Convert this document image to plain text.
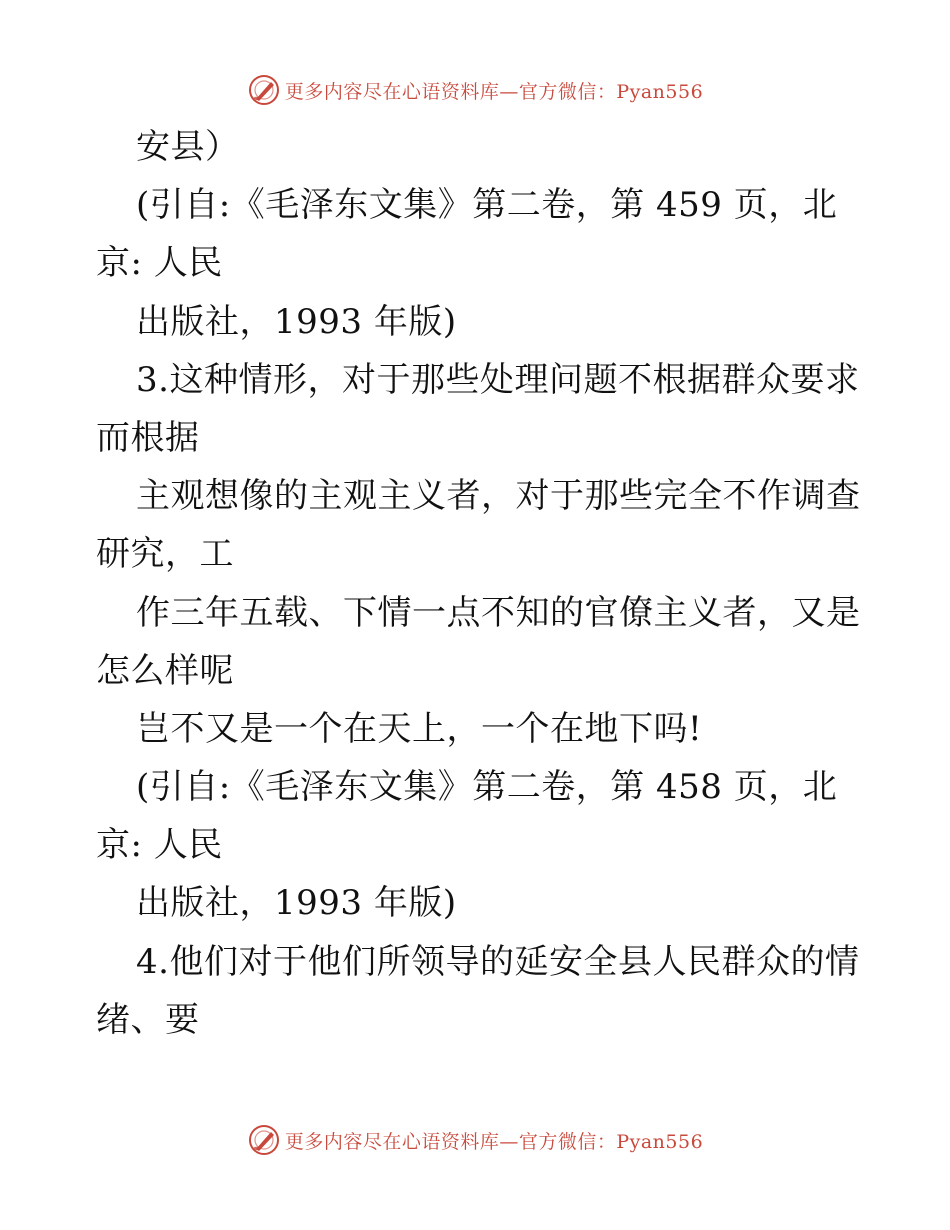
更多内容尽在心语资料库—官方微信：Pyan556
安县）
(引自:《毛泽东文集》第二卷，第 459 页，北
京: 人民
出版社，1993 年版)
3.这种情形，对于那些处理问题不根据群众要求
而根据
主观想像的主观主义者，对于那些完全不作调查
研究，工
作三年五载、下情一点不知的官僚主义者，又是
怎么样呢
岂不又是一个在天上，一个在地下吗!
(引自:《毛泽东文集》第二卷，第 458 页，北
京: 人民
出版社，1993 年版)
4.他们对于他们所领导的延安全县人民群众的情
绪、要
更多内容尽在心语资料库—官方微信：Pyan556
